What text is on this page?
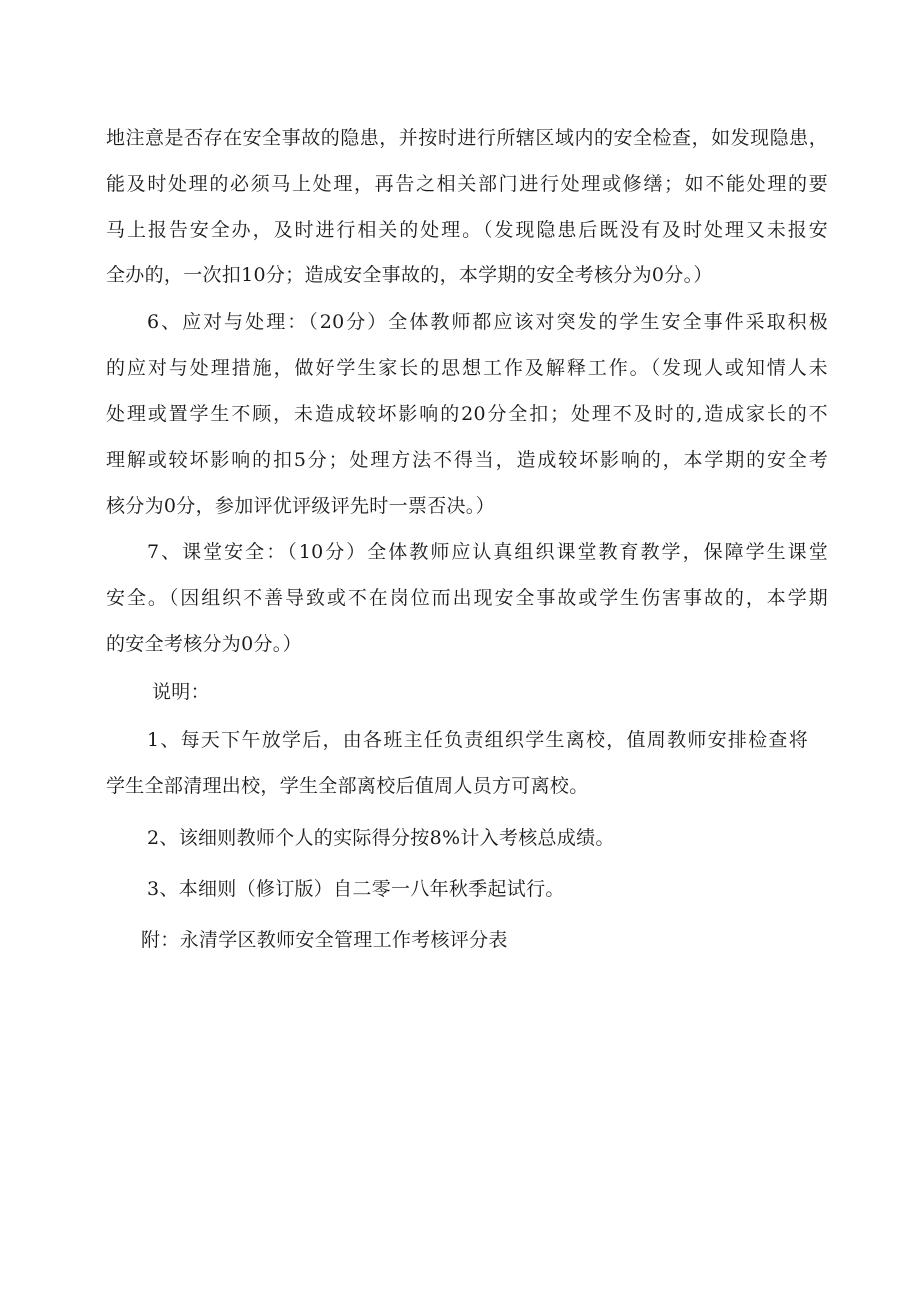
地注意是否存在安全事故的隐患，并按时进行所辖区域内的安全检查，如发现隐患，
能及时处理的必须马上处理，再告之相关部门进行处理或修缮；如不能处理的要
马上报告安全办，及时进行相关的处理。（发现隐患后既没有及时处理又未报安
全办的，一次扣10分；造成安全事故的，本学期的安全考核分为0分。）
6、应对与处理：（20分）全体教师都应该对突发的学生安全事件采取积极
的应对与处理措施，做好学生家长的思想工作及解释工作。（发现人或知情人未
处理或置学生不顾，未造成较坏影响的20分全扣；处理不及时的,造成家长的不
理解或较坏影响的扣5分；处理方法不得当，造成较坏影响的，本学期的安全考
核分为0分，参加评优评级评先时一票否决。）
7、课堂安全：（10分）全体教师应认真组织课堂教育教学，保障学生课堂
安全。（因组织不善导致或不在岗位而出现安全事故或学生伤害事故的，本学期
的安全考核分为0分。）
说明：
1、每天下午放学后，由各班主任负责组织学生离校，值周教师安排检查将
学生全部清理出校，学生全部离校后值周人员方可离校。
2、该细则教师个人的实际得分按8%计入考核总成绩。
3、本细则（修订版）自二零一八年秋季起试行。
附：永清学区教师安全管理工作考核评分表
